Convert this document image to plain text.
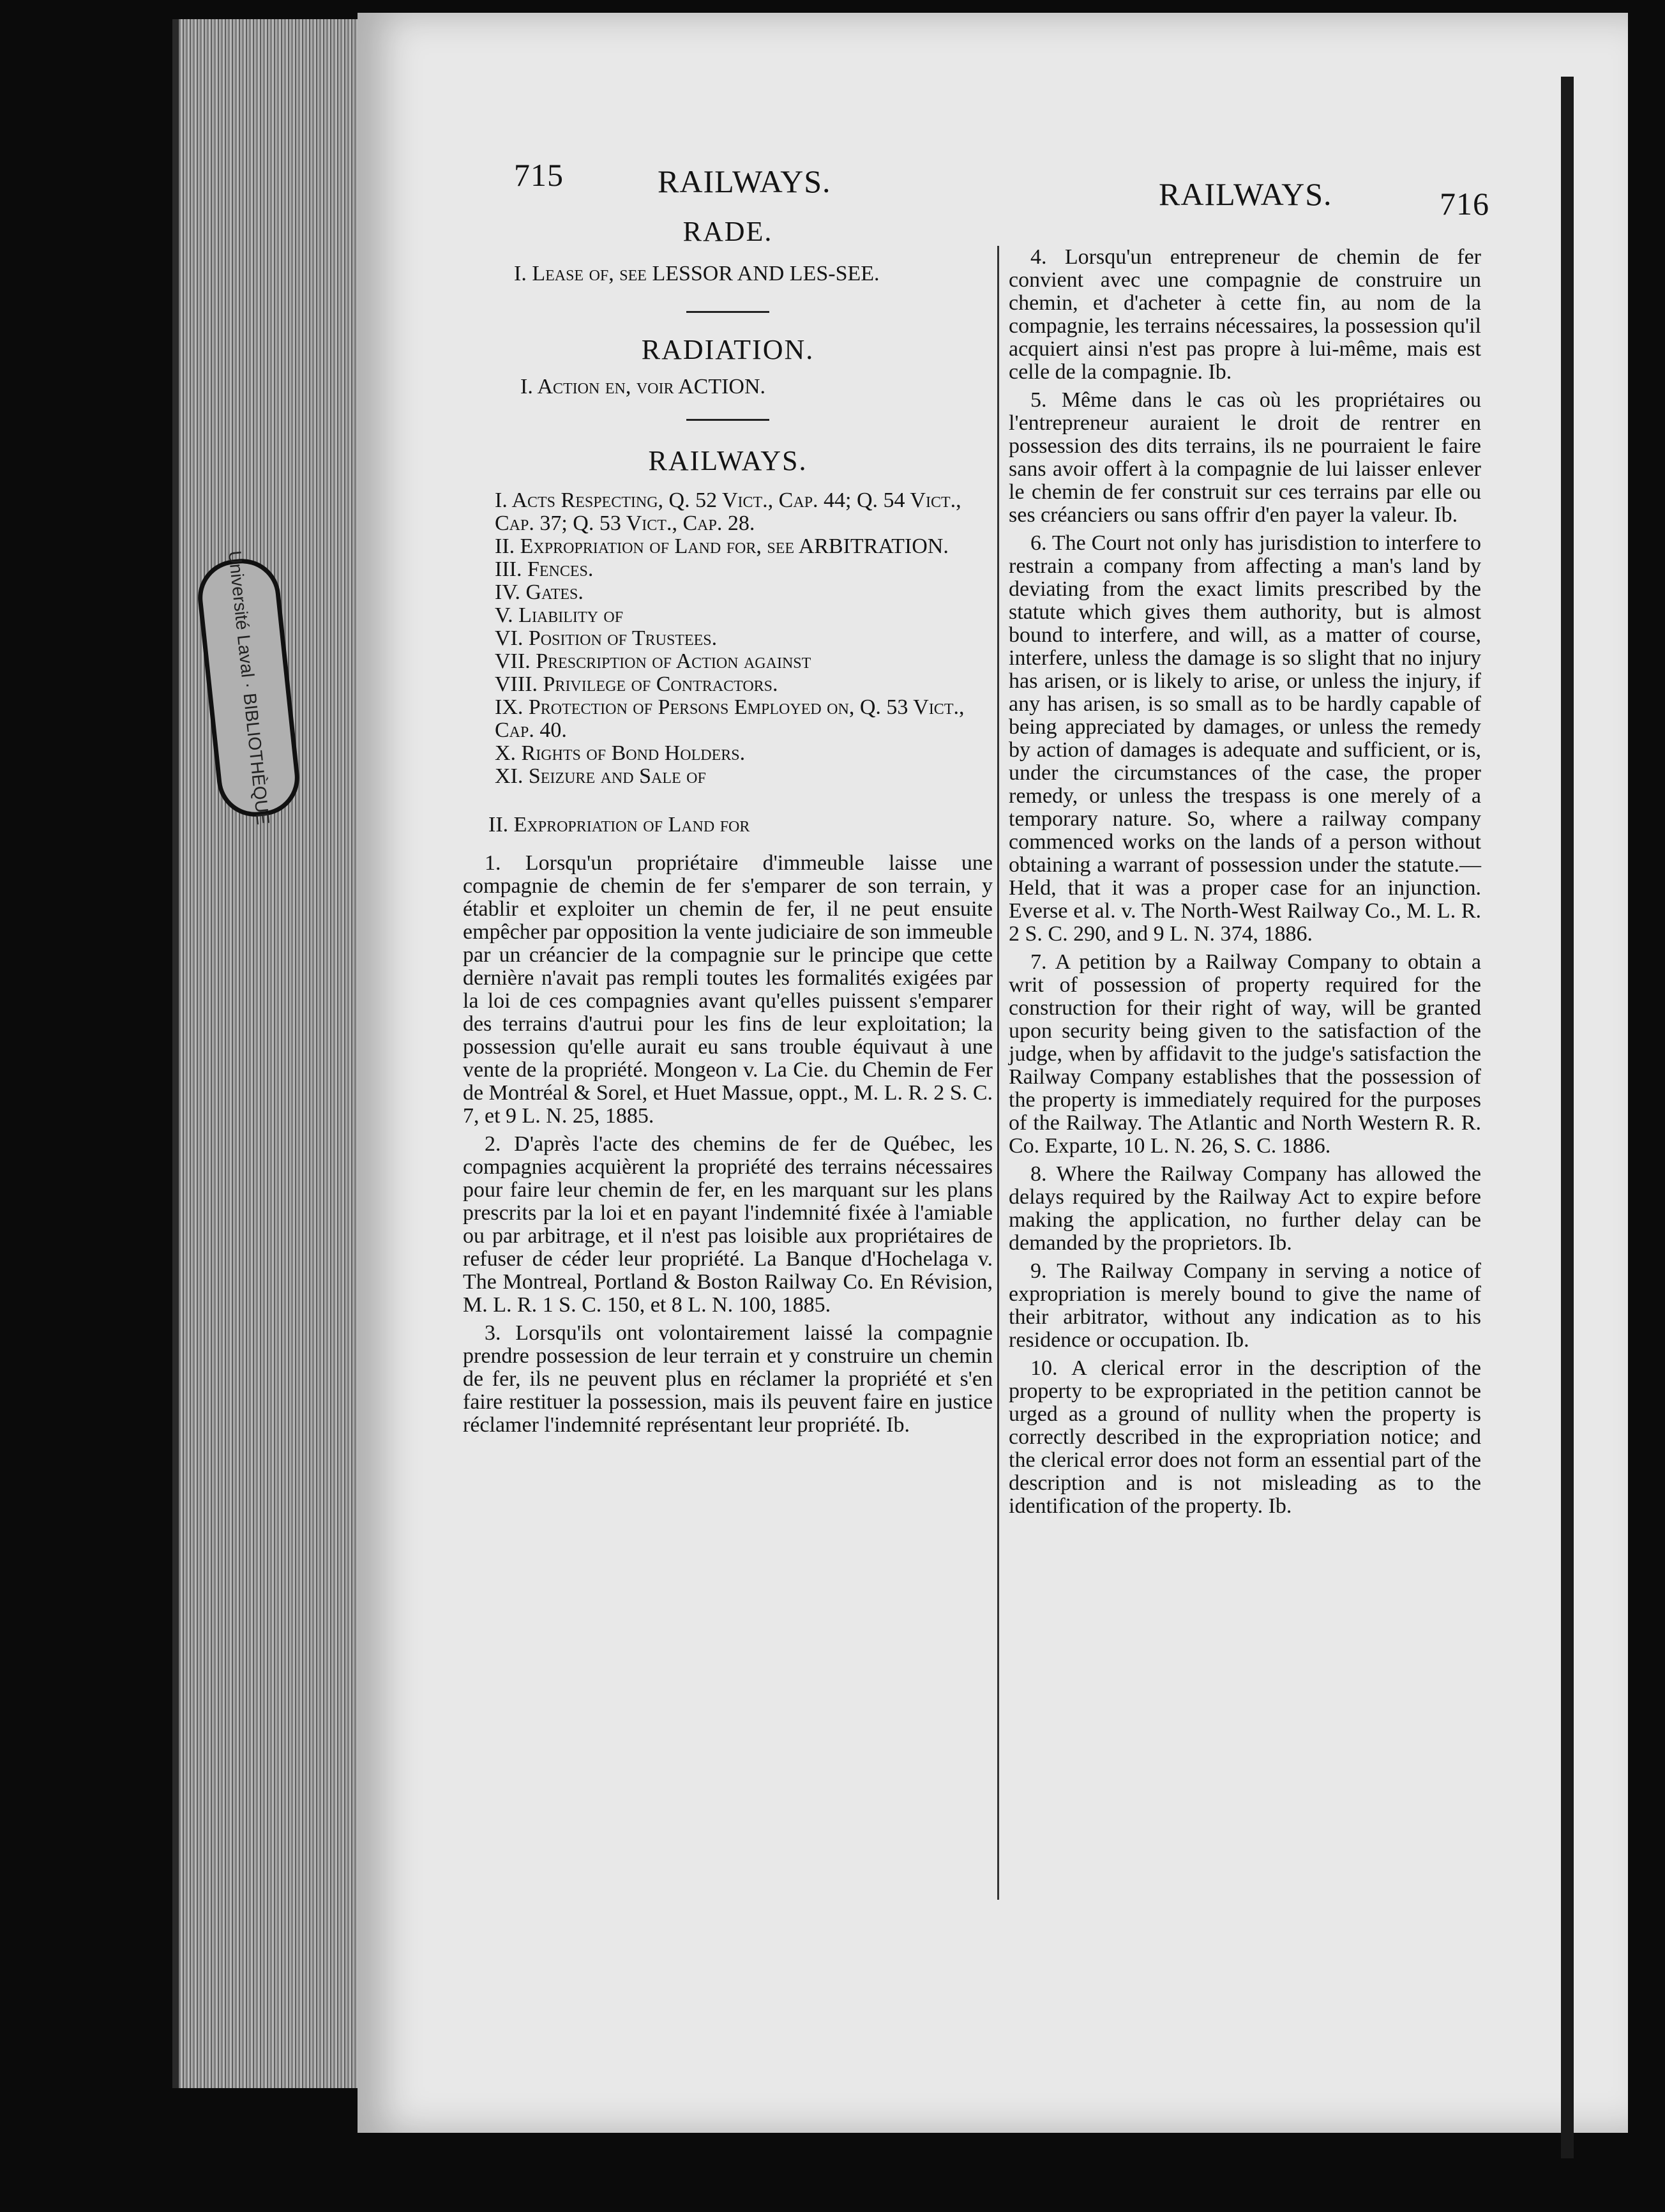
Université Laval · BIBLIOTHÈQUE
715	RAILWAYS.	RAILWAYS.	716

RADE.

I. Lease of, see LESSOR AND LES-SEE.

RADIATION.

I. Action en, voir ACTION.

RAILWAYS.

I. Acts Respecting, Q. 52 Vict., Cap. 44; Q. 54 Vict., Cap. 37; Q. 53 Vict., Cap. 28.

II. Expropriation of Land for, see ARBITRATION.

III. Fences.

IV. Gates.

V. Liability of

VI. Position of Trustees.

VII. Prescription of Action against

VIII. Privilege of Contractors.

IX. Protection of Persons Employed on, Q. 53 Vict., Cap. 40.

X. Rights of Bond Holders.

XI. Seizure and Sale of

II. Expropriation of Land for

1. Lorsqu'un propriétaire d'immeuble laisse une compagnie de chemin de fer s'emparer de son terrain, y établir et exploiter un chemin de fer, il ne peut ensuite empêcher par opposition la vente judiciaire de son immeuble par un créancier de la compagnie sur le principe que cette dernière n'avait pas rempli toutes les formalités exigées par la loi de ces compagnies avant qu'elles puissent s'emparer des terrains d'autrui pour les fins de leur exploitation; la possession qu'elle aurait eu sans trouble équivaut à une vente de la propriété. Mongeon v. La Cie. du Chemin de Fer de Montréal & Sorel, et Huet Massue, oppt., M. L. R. 2 S. C. 7, et 9 L. N. 25, 1885.

2. D'après l'acte des chemins de fer de Québec, les compagnies acquièrent la propriété des terrains nécessaires pour faire leur chemin de fer, en les marquant sur les plans prescrits par la loi et en payant l'indemnité fixée à l'amiable ou par arbitrage, et il n'est pas loisible aux propriétaires de refuser de céder leur propriété. La Banque d'Hochelaga v. The Montreal, Portland & Boston Railway Co. En Révision, M. L. R. 1 S. C. 150, et 8 L. N. 100, 1885.

3. Lorsqu'ils ont volontairement laissé la compagnie prendre possession de leur terrain et y construire un chemin de fer, ils ne peuvent plus en réclamer la propriété et s'en faire restituer la possession, mais ils peuvent faire en justice réclamer l'indemnité représentant leur propriété. Ib.

4. Lorsqu'un entrepreneur de chemin de fer convient avec une compagnie de construire un chemin, et d'acheter à cette fin, au nom de la compagnie, les terrains nécessaires, la possession qu'il acquiert ainsi n'est pas propre à lui-même, mais est celle de la compagnie. Ib.

5. Même dans le cas où les propriétaires ou l'entrepreneur auraient le droit de rentrer en possession des dits terrains, ils ne pourraient le faire sans avoir offert à la compagnie de lui laisser enlever le chemin de fer construit sur ces terrains par elle ou ses créanciers ou sans offrir d'en payer la valeur. Ib.

6. The Court not only has jurisdistion to interfere to restrain a company from affecting a man's land by deviating from the exact limits prescribed by the statute which gives them authority, but is almost bound to interfere, and will, as a matter of course, interfere, unless the damage is so slight that no injury has arisen, or is likely to arise, or unless the injury, if any has arisen, is so small as to be hardly capable of being appreciated by damages, or unless the remedy by action of damages is adequate and sufficient, or is, under the circumstances of the case, the proper remedy, or unless the trespass is one merely of a temporary nature. So, where a railway company commenced works on the lands of a person without obtaining a warrant of possession under the statute.—Held, that it was a proper case for an injunction. Everse et al. v. The North-West Railway Co., M. L. R. 2 S. C. 290, and 9 L. N. 374, 1886.

7. A petition by a Railway Company to obtain a writ of possession of property required for the construction for their right of way, will be granted upon security being given to the satisfaction of the judge, when by affidavit to the judge's satisfaction the Railway Company establishes that the possession of the property is immediately required for the purposes of the Railway. The Atlantic and North Western R. R. Co. Exparte, 10 L. N. 26, S. C. 1886.

8. Where the Railway Company has allowed the delays required by the Railway Act to expire before making the application, no further delay can be demanded by the proprietors. Ib.

9. The Railway Company in serving a notice of expropriation is merely bound to give the name of their arbitrator, without any indication as to his residence or occupation. Ib.

10. A clerical error in the description of the property to be expropriated in the petition cannot be urged as a ground of nullity when the property is correctly described in the expropriation notice; and the clerical error does not form an essential part of the description and is not misleading as to the identification of the property. Ib.
